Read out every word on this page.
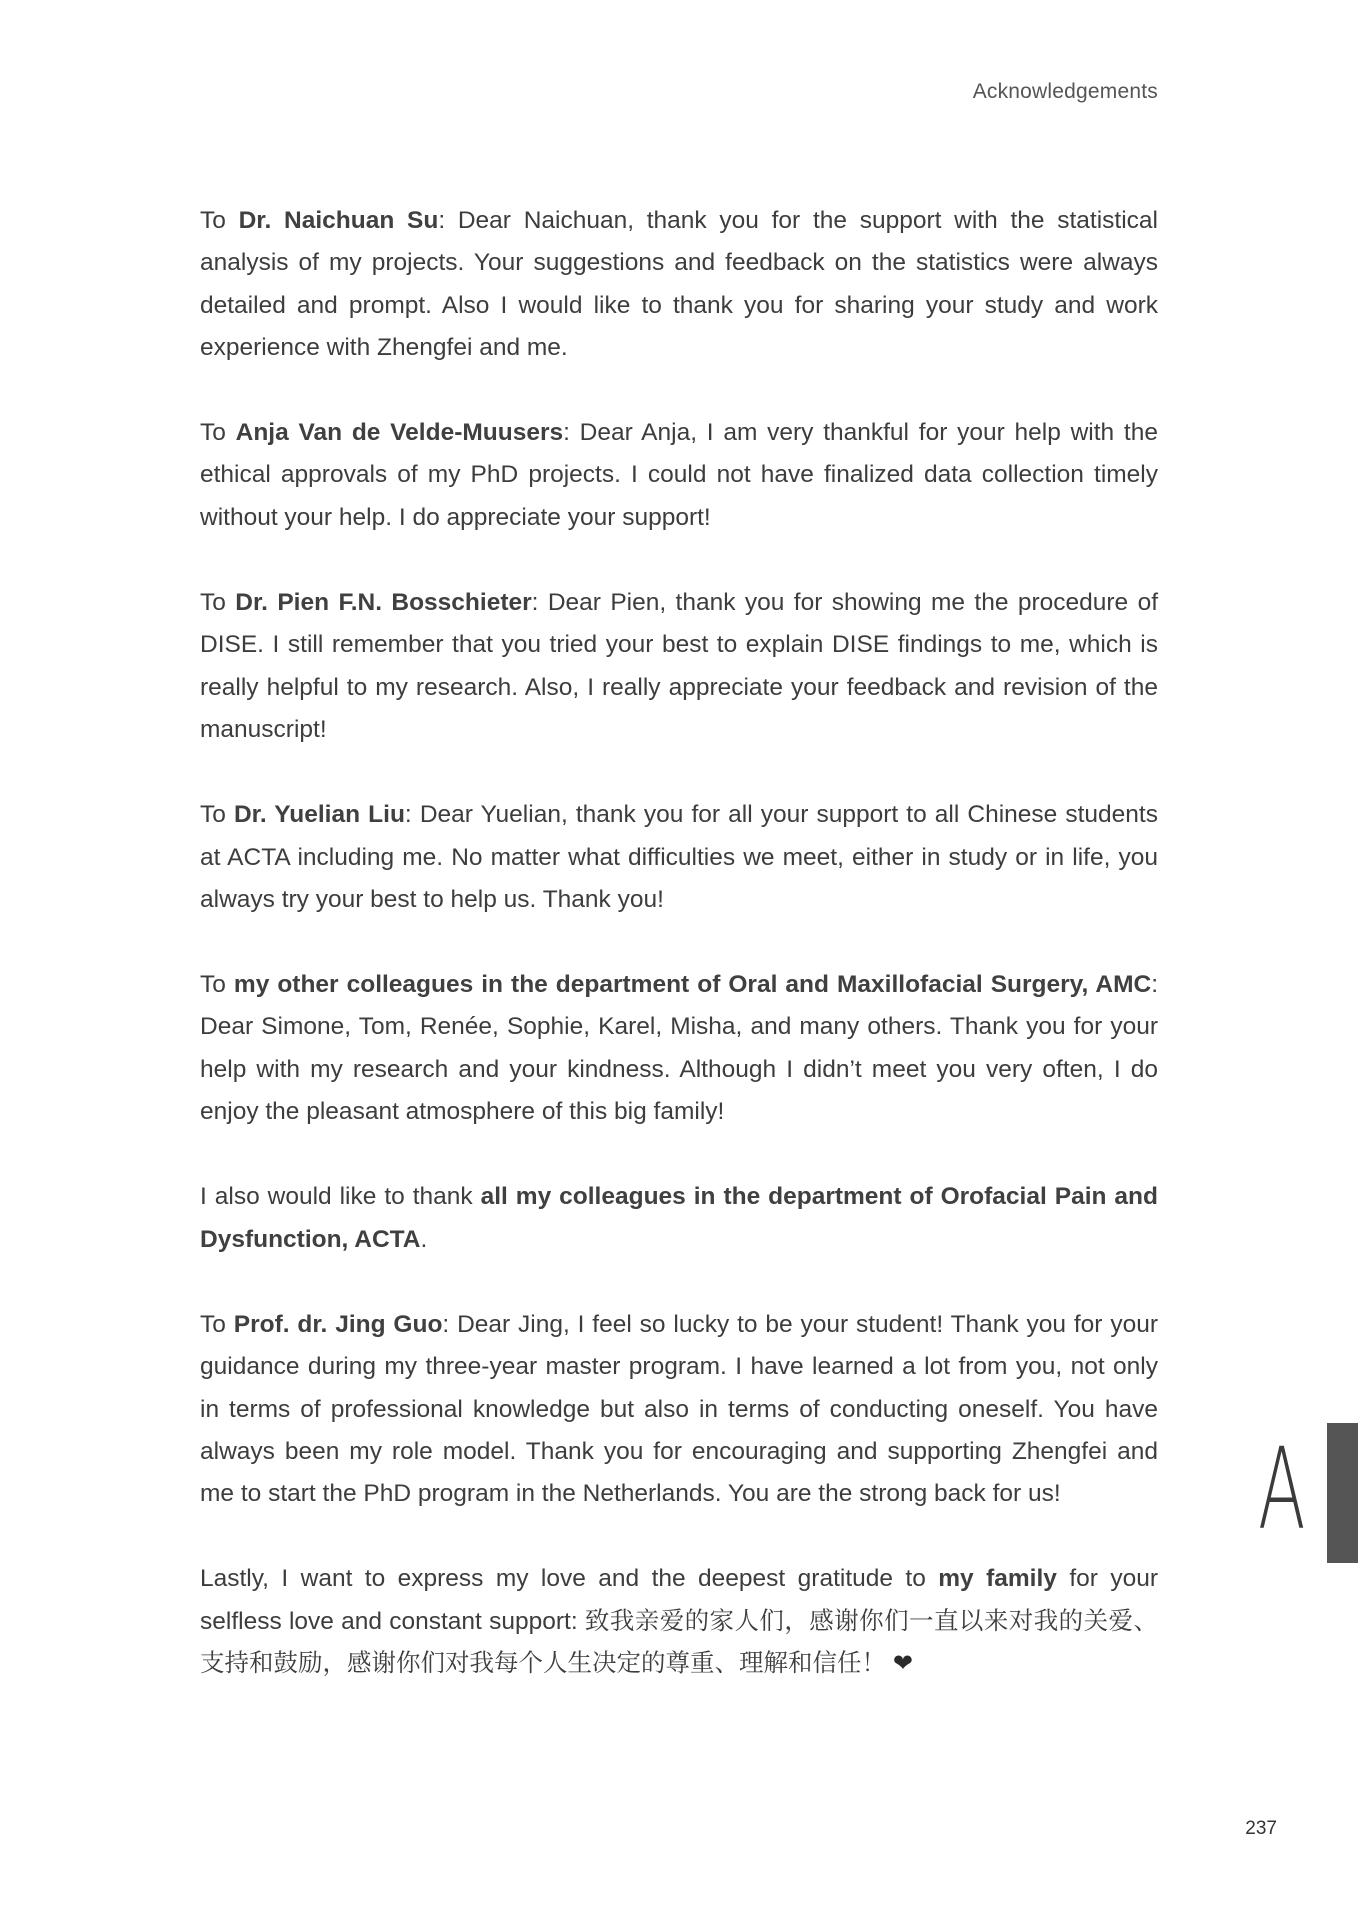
Acknowledgements

To Dr. Naichuan Su: Dear Naichuan, thank you for the support with the statistical analysis of my projects. Your suggestions and feedback on the statistics were always detailed and prompt. Also I would like to thank you for sharing your study and work experience with Zhengfei and me.

To Anja Van de Velde-Muusers: Dear Anja, I am very thankful for your help with the ethical approvals of my PhD projects. I could not have finalized data collection timely without your help. I do appreciate your support!

To Dr. Pien F.N. Bosschieter: Dear Pien, thank you for showing me the procedure of DISE. I still remember that you tried your best to explain DISE findings to me, which is really helpful to my research. Also, I really appreciate your feedback and revision of the manuscript!

To Dr. Yuelian Liu: Dear Yuelian, thank you for all your support to all Chinese students at ACTA including me. No matter what difficulties we meet, either in study or in life, you always try your best to help us. Thank you!

To my other colleagues in the department of Oral and Maxillofacial Surgery, AMC: Dear Simone, Tom, Renée, Sophie, Karel, Misha, and many others. Thank you for your help with my research and your kindness. Although I didn’t meet you very often, I do enjoy the pleasant atmosphere of this big family!

I also would like to thank all my colleagues in the department of Orofacial Pain and Dysfunction, ACTA.

To Prof. dr. Jing Guo: Dear Jing, I feel so lucky to be your student! Thank you for your guidance during my three-year master program. I have learned a lot from you, not only in terms of professional knowledge but also in terms of conducting oneself. You have always been my role model. Thank you for encouraging and supporting Zhengfei and me to start the PhD program in the Netherlands. You are the strong back for us!

Lastly, I want to express my love and the deepest gratitude to my family for your selfless love and constant support: 致我亲爱的家人们，感谢你们一直以来对我的关爱、支持和鼓励，感谢你们对我每个人生决定的尊重、理解和信任！ ❤

A
237
